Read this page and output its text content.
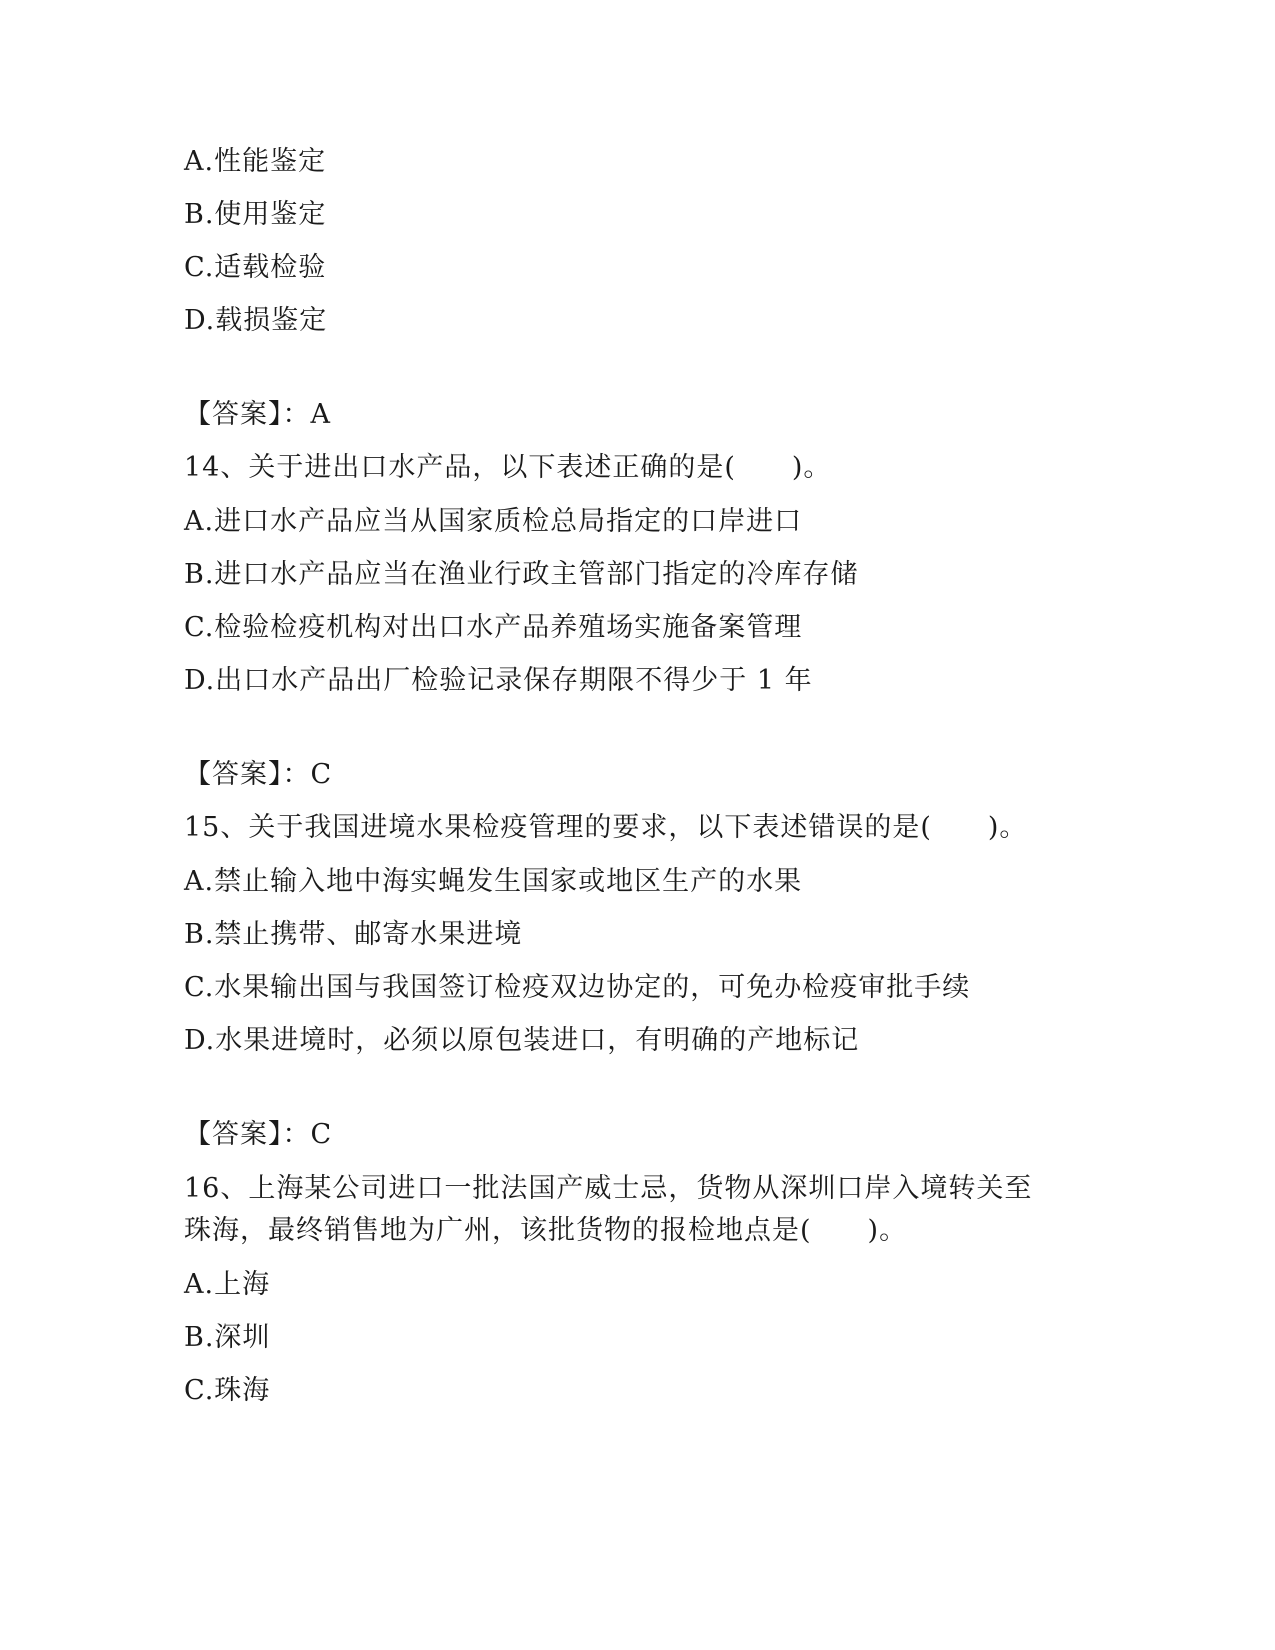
A.性能鉴定
B.使用鉴定
C.适载检验
D.载损鉴定
【答案】：A
14、关于进出口水产品，以下表述正确的是(　　)。
A.进口水产品应当从国家质检总局指定的口岸进口
B.进口水产品应当在渔业行政主管部门指定的冷库存储
C.检验检疫机构对出口水产品养殖场实施备案管理
D.出口水产品出厂检验记录保存期限不得少于 1 年
【答案】：C
15、关于我国进境水果检疫管理的要求，以下表述错误的是(　　)。
A.禁止输入地中海实蝇发生国家或地区生产的水果
B.禁止携带、邮寄水果进境
C.水果输出国与我国签订检疫双边协定的，可免办检疫审批手续
D.水果进境时，必须以原包装进口，有明确的产地标记
【答案】：C
16、上海某公司进口一批法国产威士忌，货物从深圳口岸入境转关至
珠海，最终销售地为广州，该批货物的报检地点是(　　)。
A.上海
B.深圳
C.珠海
